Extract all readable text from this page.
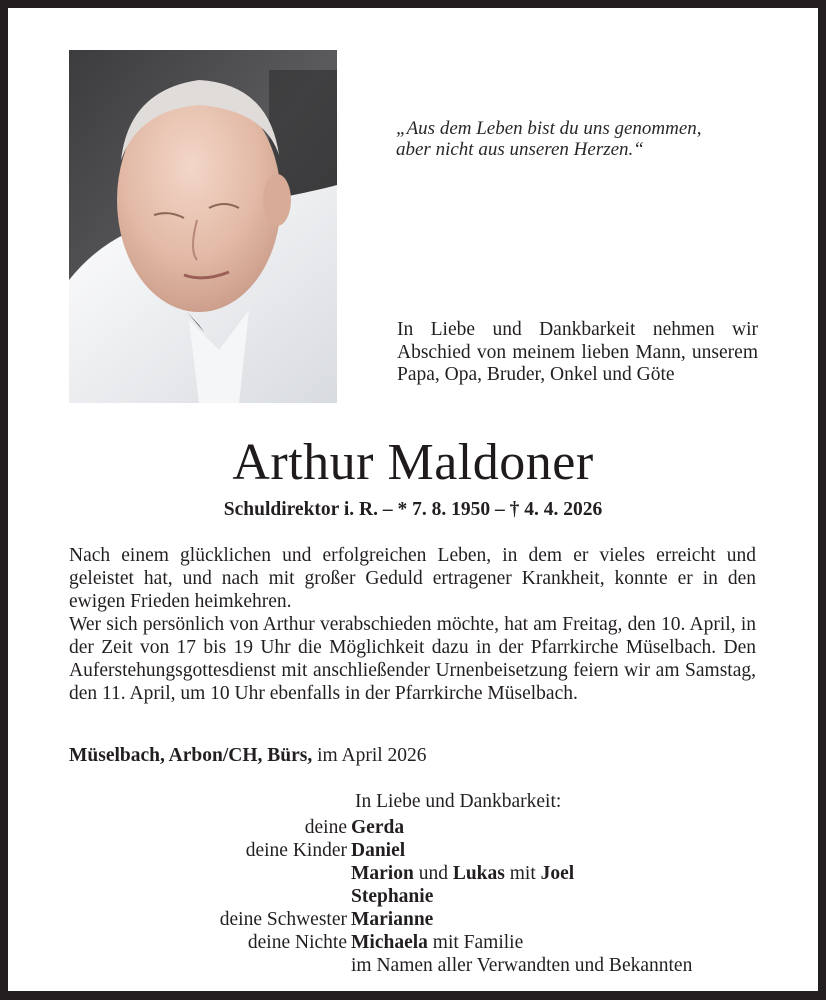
„Aus dem Leben bist du uns genommen,
aber nicht aus unseren Herzen.“
In Liebe und Dankbarkeit nehmen wir Abschied von meinem lieben Mann, unserem Papa, Opa, Bruder, Onkel und Göte
Arthur Maldoner
Schuldirektor i. R. – * 7. 8. 1950 – † 4. 4. 2026

Nach einem glücklichen und erfolgreichen Leben, in dem er vieles erreicht und geleistet hat, und nach mit großer Geduld ertragener Krankheit, konnte er in den ewigen Frieden heimkehren.

Wer sich persönlich von Arthur verabschieden möchte, hat am Freitag, den 10. April, in der Zeit von 17 bis 19 Uhr die Möglichkeit dazu in der Pfarrkirche Müselbach. Den Auferstehungsgottesdienst mit anschließender Urnenbeisetzung feiern wir am Samstag, den 11. April, um 10 Uhr ebenfalls in der Pfarrkirche Müselbach.

Müselbach, Arbon/CH, Bürs, im April 2026
In Liebe und Dankbarkeit:
deine Gerda
deine Kinder Daniel
Marion und Lukas mit Joel
Stephanie
deine Schwester Marianne
deine Nichte Michaela mit Familie
im Namen aller Verwandten und Bekannten
